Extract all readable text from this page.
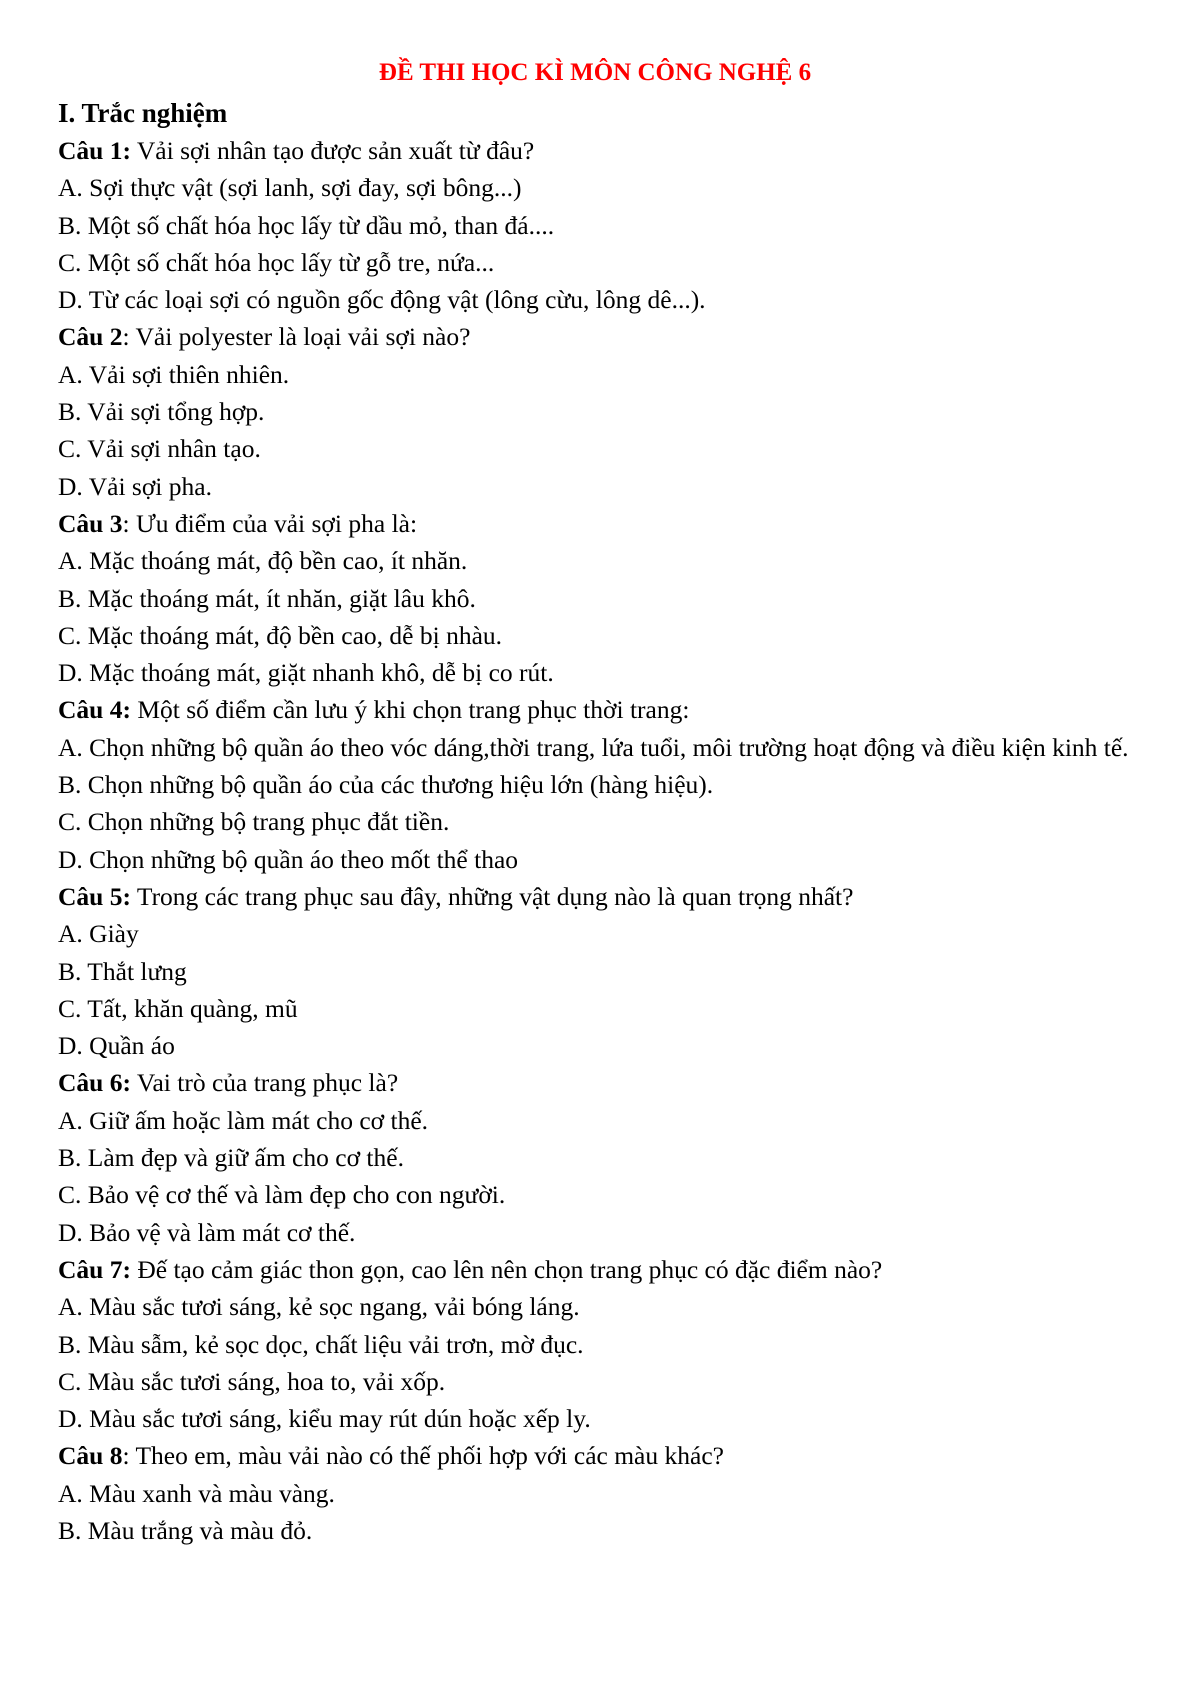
ĐỀ THI HỌC KÌ MÔN CÔNG NGHỆ 6
I. Trắc nghiệm
Câu 1: Vải sợi nhân tạo được sản xuất từ đâu?
A. Sợi thực vật (sợi lanh, sợi đay, sợi bông...)
B. Một số chất hóa học lấy từ dầu mỏ, than đá....
C. Một số chất hóa học lấy từ gỗ tre, nứa...
D. Từ các loại sợi có nguồn gốc động vật (lông cừu, lông dê...).
Câu 2: Vải polyester là loại vải sợi nào?
A. Vải sợi thiên nhiên.
B. Vải sợi tổng hợp.
C. Vải sợi nhân tạo.
D. Vải sợi pha.
Câu 3: Ưu điểm của vải sợi pha là:
A. Mặc thoáng mát, độ bền cao, ít nhăn.
B. Mặc thoáng mát, ít nhăn, giặt lâu khô.
C. Mặc thoáng mát, độ bền cao, dễ bị nhàu.
D. Mặc thoáng mát, giặt nhanh khô, dễ bị co rút.
Câu 4: Một số điểm cần lưu ý khi chọn trang phục thời trang:
A. Chọn những bộ quần áo theo vóc dáng,thời trang, lứa tuổi, môi trường hoạt động và điều kiện kinh tế.
B. Chọn những bộ quần áo của các thương hiệu lớn (hàng hiệu).
C. Chọn những bộ trang phục đắt tiền.
D. Chọn những bộ quần áo theo mốt thể thao
Câu 5: Trong các trang phục sau đây, những vật dụng nào là quan trọng nhất?
A. Giày
B. Thắt lưng
C. Tất, khăn quàng, mũ
D. Quần áo
Câu 6: Vai trò của trang phục là?
A. Giữ ấm hoặc làm mát cho cơ thế.
B. Làm đẹp và giữ ấm cho cơ thế.
C. Bảo vệ cơ thế và làm đẹp cho con người.
D. Bảo vệ và làm mát cơ thế.
Câu 7: Đế tạo cảm giác thon gọn, cao lên nên chọn trang phục có đặc điểm nào?
A. Màu sắc tươi sáng, kẻ sọc ngang, vải bóng láng.
B. Màu sẫm, kẻ sọc dọc, chất liệu vải trơn, mờ đục.
C. Màu sắc tươi sáng, hoa to, vải xốp.
D. Màu sắc tươi sáng, kiểu may rút dún hoặc xếp ly.
Câu 8: Theo em, màu vải nào có thế phối hợp với các màu khác?
A. Màu xanh và màu vàng.
B. Màu trắng và màu đỏ.
